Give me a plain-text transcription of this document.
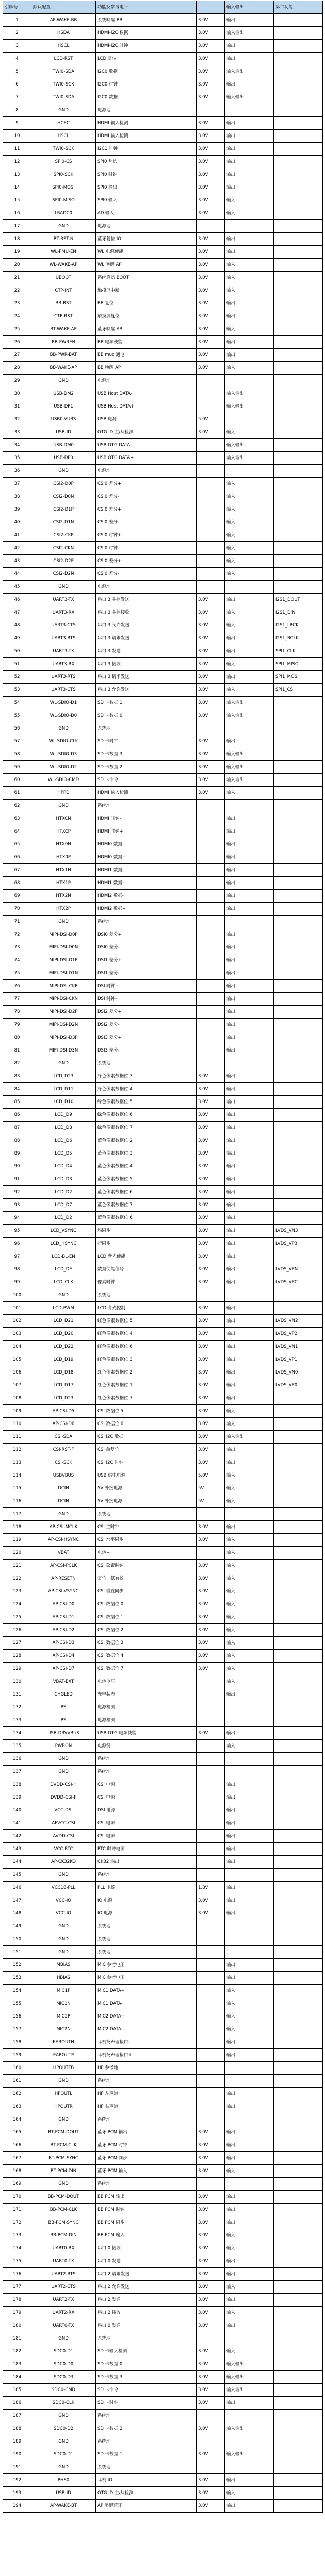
引脚号	默认配置	功能及参考电平		输入输出	第二功能
1	AP-WAKE-BB	系统唤醒 BB	3.0V	输出	
2	HSDA	HDMI-I2C 数据	3.0V	输入输出	
3	HSCL	HDMI-I2C 时钟	3.0V	输出	
4	LCD-RST	LCD 复位	3.0V	输出	
5	TWI0-SDA	I2C0 数据	3.0V	输入输出	
6	TWI0-SCK	I2C0 时钟	3.0V	输出	
7	TWI0-SDA	I2C0 数据	3.0V	输入输出	
8	GND	电源地			
9	HCEC	HDMI 输入检测	3.0V	输出	
10	HSCL	HDMI 输入检测	3.0V	输出	
11	TWI0-SCK	I2C1 时钟	3.0V	输出	
12	SPI0-CS	SPI0 片选	3.0V	输出	
13	SPI0-SCK	SPI0 时钟	3.0V	输出	
14	SPI0-MOSI	SPI0 输出	3.0V	输出	
15	SPI0-MISO	SPI0 输入	3.0V	输入	
16	LRADC0	AD 输入	3.0V	输入	
17	GND	电源地			
18	BT-RST-N	蓝牙复位 IO	3.0V	输出	
19	WL-PMU-EN	WL 电源使能	3.0V	输出	
20	WL-WAKE-AP	WL 唤醒 AP	3.0V	输入	
21	UBOOT	系统启动 BOOT	3.0V	输入	
22	CTP-INT	触摸屏中断	3.0V	输入	
23	BB-RST	BB 复位	3.0V	输出	
24	CTP-RST	触摸屏复位	3.0V	输出	
25	BT-WAKE-AP	蓝牙唤醒 AP	3.0V	输入	
26	BB-PWREN	BB 电源使能	3.0V	输出	
27	BB-PWR-BAT	BB muc 通电	3.0V	输出	
28	BB-WAKE-AP	BB 唤醒 AP	3.0V	输入	
29	GND	电源地			
30	USB-DM2	USB Host DATA-		输入输出	
31	USB-DP1	USB Host DATA+		输入输出	
32	USB0-VUBS	USB 电源	5.0V		
33	USB-ID	OTG ID 主/从检测	3.0V	输入	
34	USB-DM0	USB OTG DATA-		输入输出	
35	USB-DP0	USB OTG DATA+		输入输出	
36	GND	电源地			
37	CSI2-D0P	CSI0 差分+		输入	
38	CSI2-D0N	CSI0 差分-		输入	
39	CSI2-D1P	CSI0 差分+		输入	
40	CSI2-D1N	CSI0 差分-		输入	
41	CSI2-CKP	CSI0 时钟+		输入	
42	CSI2-CKN	CSI0 时钟-		输入	
43	CSI2-D2P	CSI0 差分+		输入	
44	CSI2-D2N	CSI0 差分-		输入	
45	GND	电源地			
46	UART3-TX	串口 3 主控发送	3.0V	输出	I2S1_DOUT
47	UART3-RX	串口 3 主控接收	3.0V	输入	I2S1_DIN
48	UART3-CTS	串口 3 允许发送	3.0V	输入	I2S1_LRCK
49	UART3-RTS	串口 3 请求发送	3.0V	输出	I2S1_BCLK
50	UART3-TX	串口 3 发送	3.0V	输出	SPI1_CLK
51	UART3-RX	串口 3 接收	3.0V	输入	SPI1_MISO
52	UART3-RTS	串口 3 请求发送	3.0V	输出	SPI1_MOSI
53	UART3-CTS	串口 3 允许发送	3.0V	输入	SPI1_CS
54	WL-SDIO-D1	SD 卡数据 1	3.0V	输入输出	
55	WL-SDIO-D0	SD 卡数据 0	3.0V	输入输出	
56	GND	系统地			
57	WL-SDIO-CLK	SD 卡时钟	3.0V	输出	
58	WL-SDIO-D3	SD 卡数据 3	3.0V	输入输出	
59	WL-SDIO-D2	SD 卡数据 2	3.0V	输入输出	
60	WL-SDIO-CMD	SD 卡命令	3.0V	输入输出	
61	HPPD	HDMI 输入检测	3.0V	输入	
62	GND	系统地			
63	HTXCN	HDMI 时钟-		输出	
64	HTXCP	HDMI 时钟+		输出	
65	HTX0N	HDMI0 数据-		输出	
66	HTX0P	HDMI0 数据+		输出	
67	HTX1N	HDMI1 数据-		输出	
68	HTX1P	HDMI1 数据+		输出	
69	HTX2N	HDMI2 数据-		输出	
70	HTX2P	HDMI2 数据+		输出	
71	GND	系统地			
72	MIPI-DSI-D0P	DSI0 差分+		输出	
73	MIPI-DSI-D0N	DSI0 差分-		输出	
74	MIPI-DSI-D1P	DSI1 差分+		输出	
75	MIPI-DSI-D1N	DSI1 差分-		输出	
76	MIPI-DSI-CKP	DSI 时钟+		输出	
77	MIPI-DSI-CKN	DSI 时钟-		输出	
78	MIPI-DSI-D2P	DSI2 差分+		输出	
79	MIPI-DSI-D2N	DSI2 差分-		输出	
80	MIPI-DSI-D3P	DSI3 差分+		输出	
81	MIPI-DSI-D3N	DSI3 差分-		输出	
82	GND	系统地			
83	LCD_D23	绿色像素数据位 3	3.0V	输出	
84	LCD_D11	绿色像素数据位 4	3.0V	输出	
85	LCD_D10	绿色像素数据位 5	3.0V	输出	
86	LCD_D9	绿色像素数据位 6	3.0V	输出	
87	LCD_D8	绿色像素数据位 7	3.0V	输出	
88	LCD_D6	蓝色像素数据位 2	3.0V	输出	
89	LCD_D5	蓝色像素数据位 3	3.0V	输出	
90	LCD_D4	蓝色像素数据位 4	3.0V	输出	
91	LCD_D3	蓝色像素数据位 5	3.0V	输出	
92	LCD_D2	蓝色像素数据位 6	3.0V	输出	
93	LCD_D7	蓝色像素数据位 7	3.0V	输出	
94	LCD_D2	蓝色像素数据位 6	3.0V	输出	
95	LCD_VSYNC	场同步	3.0V	输出	LVDS_VN3
96	LCD_HSYNC	行同步	3.0V	输出	LVDS_VP3
97	LCD-BL-EN	LCD 背光使能	3.0V	输出	
98	LCD_DE	数据使能信号	3.0V	输出	LVDS_VPN
99	LCD_CLK	像素时钟	3.0V	输出	LVDS_VPC
100	GND	系统地			
101	LCD-PWM	LCD 背光控制	3.0V	输出	
102	LCD_D21	红色像素数据位 5	3.0V	输出	LVDS_VN2
103	LCD_D20	红色像素数据位 4	3.0V	输出	LVDS_VP2
104	LCD_D22	红色像素数据位 6	3.0V	输出	LVDS_VN1
105	LCD_D19	红色像素数据位 3	3.0V	输出	LVDS_VP1
106	LCD_D18	红色像素数据位 2	3.0V	输出	LVDS_VN0
107	LCD_D17	红色像素数据位 1	3.0V	输出	LVDS_VP0
108	LCD_D23	红色像素数据位 7	3.0V	输出	
109	AP-CSI-D5	CSI 数据位 5	3.0V	输入	
110	AP-CSI-D6	CSI 数据位 6	3.0V	输入	
111	CSI-SDA	CSI I2C 数据	3.0V	输入输出	
112	CSI-RST-F	CSI 前复位	3.0V	输出	
113	CSI-SCK	CSI I2C 时钟	3.0V	输出	
114	USBVBUS	USB 供电电源	5.0V	输入	
115	DCIN	5V 外接电源	5V	输入	
116	DCIN	5V 外接电源	5V	输入	
117	GND	系统地			
118	AP-CSI-MCLK	CSI 主时钟	3.0V	输出	
119	AP-CSI-HSYNC	CSI 水平同步	3.0V	输入	
120	VBAT	电池+		输入	
121	AP-CSI-PCLK	CSI 象素时钟	3.0V	输入	
122	AP-RESETN	复位　低有效	3.0V	输入	
123	AP-CSI-VSYNC	CSI 垂直同步	3.0V	输入	
124	AP-CSI-D0	CSI 数据位 0	3.0V	输入	
125	AP-CSI-D1	CSI 数据位 1	3.0V	输入	
126	AP-CSI-D2	CSI 数据位 2	3.0V	输入	
127	AP-CSI-D3	CSI 数据位 3	3.0V	输入	
128	AP-CSI-D4	CSI 数据位 4	3.0V	输入	
129	AP-CSI-D7	CSI 数据位 7	3.0V	输入	
130	VBAT-EXT	电池电压		输入	
131	CHGLED	充电状态		输出	
132	PS	电源检测			
133	PS	电源检测			
134	USB-DRVVBUS	USB OTG 电源使能	3.0V	输出	
135	PWRON	电源键		输入	
136	GND	系统地			
137	GND	系统地			
138	DVDD-CSI-H	CSI 电源		输出	
139	DVDD-CSI-F	CSI 电源		输出	
140	VCC-DSI	DSI 电源		输出	
141	AFVCC-CSI	CSI 电源		输出	
142	AVDD-CSI	CSI 电源		输出	
143	VCC-RTC	RTC 时钟电源		输出	
144	AP-CK32KO	CK32 输出		输出	
145	GND	系统地			
146	VCC18-PLL	PLL 电源	1.8V	输出	
147	VCC-IO	IO 电源	3.0V	输出	
148	VCC-IO	IO 电源	3.0V	输出	
149	GND	系统地			
150	GND	系统地			
151	GND	系统地			
152	MBIAS	MIC 参考电压		输出	
153	HBIAS	MIC 参考电压		输出	
154	MIC1P	MIC1 DATA+		输入	
155	MIC1N	MIC1 DATA-		输入	
156	MIC2P	MIC2 DATA+		输入	
157	MIC2N	MIC2 DATA-		输入	
158	EAROUTN	耳机扬声器接口-		输出	
159	EAROUTP	耳机扬声器接口+		输出	
160	HPOUTFB	HP 参考地			
161	GND	系统地			
162	HPOUTL	HP 左声道		输出	
163	HPOUTR	HP 右声道		输出	
164	GND	系统地			
165	BT-PCM-DOUT	蓝牙 PCM 输出	3.0V	输出	
166	BT-PCM-CLK	蓝牙 PCM 时钟	3.0V	输出	
167	BT-PCM-SYNC	蓝牙 PCM 同步	3.0V	输出	
168	BT-PCM-DIN	蓝牙 PCM 输入	3.0V	输入	
169	GND	系统地			
170	BB-PCM-DOUT	BB PCM 输出	3.0V	输出	
171	BB-PCM-CLK	BB PCM 时钟	3.0V	输出	
172	BB-PCM-SYNC	BB PCM 同步	3.0V	输出	
173	BB-PCM-DIN	BB PCM 输入	3.0V	输入	
174	UART0-RX	串口 0 接收	3.0V	输入	
175	UART0-TX	串口 0 发送	3.0V	输出	
176	UART2-RTS	串口 2 请求发送	3.0V	输出	
177	UART2-CTS	串口 2 允许发送	3.0V	输入	
178	UART2-TX	串口 2 发送	3.0V	输出	
179	UART2-RX	串口 2 接收	3.0V	输入	
180	UART0-TX	串口 0 发送	3.0V	输出	
181	GND	系统地			
182	SDC0-D1	SD 卡输入检测	3.0V	输入	
183	SDC0-D0	SD 卡数据 0	3.0V	输入输出	
184	SDC0-D3	SD 卡数据 3	3.0V	输入输出	
185	SDC0-CMD	SD 卡命令	3.0V	输入输出	
186	SDC0-CLK	SD 卡时钟	3.0V	输出	
187	GND	系统地			
188	SDC0-D2	SD 卡数据 2	3.0V	输入输出	
189	GND	系统地			
190	SDC0-D1	SD 卡数据 1	3.0V	输入输出	
191	GND	系统地			
192	PHS0	耳机 IO	3.0V	输出	
193	USB-ID	OTG ID 主/从检测	3.0V	输入	
194	AP-WAKE-BT	AP 唤醒蓝牙	3.0V	输出	
